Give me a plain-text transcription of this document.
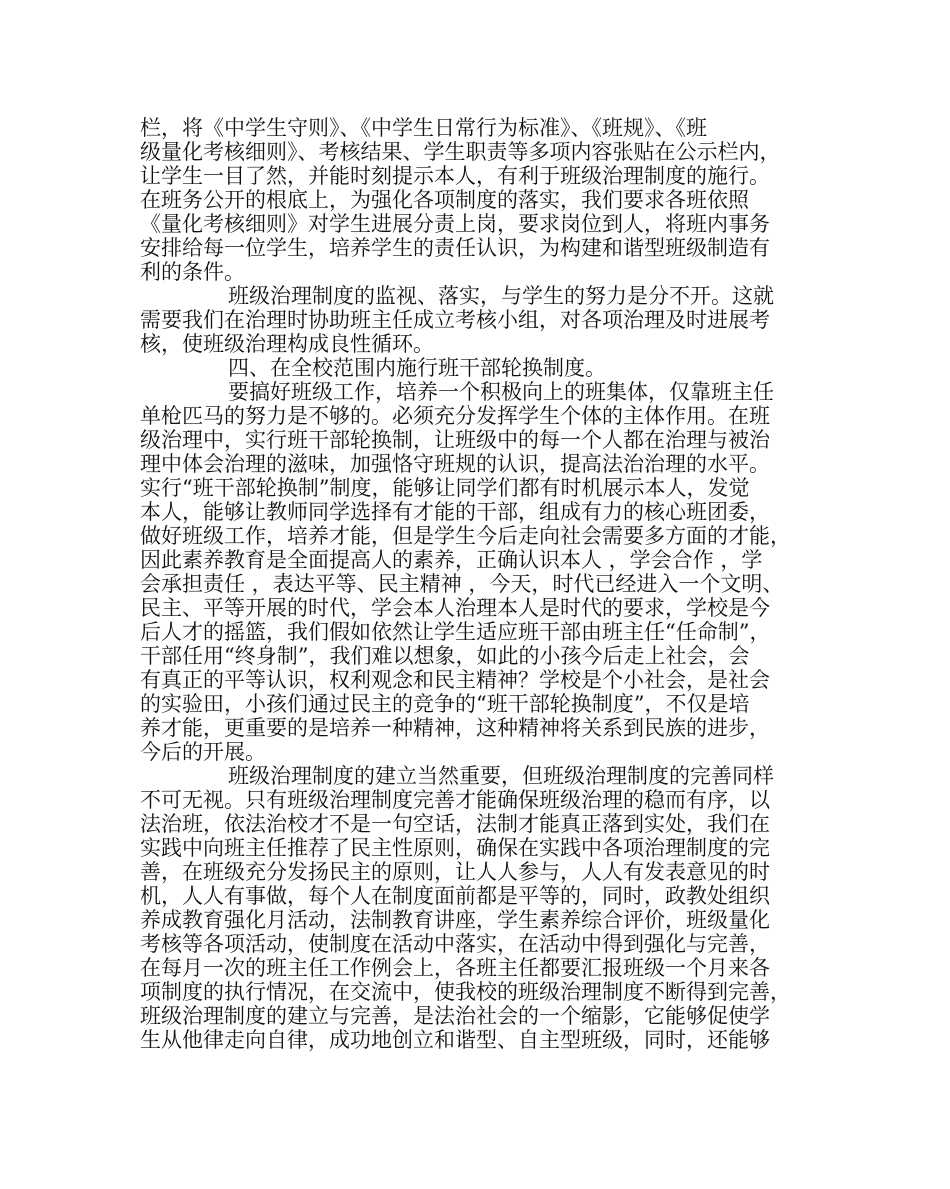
栏，将《中学生守则》、《中学生日常行为标准》、《班规》、《班
级量化考核细则》、考核结果、学生职责等多项内容张贴在公示栏内，
让学生一目了然，并能时刻提示本人，有利于班级治理制度的施行。
在班务公开的根底上，为强化各项制度的落实，我们要求各班依照
《量化考核细则》对学生进展分责上岗，要求岗位到人，将班内事务
安排给每一位学生，培养学生的责任认识，为构建和谐型班级制造有
利的条件。
班级治理制度的监视、落实，与学生的努力是分不开。这就
需要我们在治理时协助班主任成立考核小组，对各项治理及时进展考
核，使班级治理构成良性循环。
四、在全校范围内施行班干部轮换制度。
要搞好班级工作，培养一个积极向上的班集体，仅靠班主任
单枪匹马的努力是不够的。必须充分发挥学生个体的主体作用。在班
级治理中，实行班干部轮换制，让班级中的每一个人都在治理与被治
理中体会治理的滋味，加强恪守班规的认识，提高法治治理的水平。
实行“班干部轮换制”制度，能够让同学们都有时机展示本人，发觉
本人，能够让教师同学选择有才能的干部，组成有力的核心班团委，
做好班级工作，培养才能，但是学生今后走向社会需要多方面的才能，
因此素养教育是全面提高人的素养，正确认识本人 ，学会合作 ，学
会承担责任 ，表达平等、民主精神 ，今天，时代已经进入一个文明、
民主、平等开展的时代，学会本人治理本人是时代的要求，学校是今
后人才的摇篮，我们假如依然让学生适应班干部由班主任“任命制”，
干部任用“终身制”，我们难以想象，如此的小孩今后走上社会，会
有真正的平等认识，权利观念和民主精神？学校是个小社会，是社会
的实验田，小孩们通过民主的竞争的“班干部轮换制度”，不仅是培
养才能，更重要的是培养一种精神，这种精神将关系到民族的进步，
今后的开展。
班级治理制度的建立当然重要，但班级治理制度的完善同样
不可无视。只有班级治理制度完善才能确保班级治理的稳而有序，以
法治班，依法治校才不是一句空话，法制才能真正落到实处，我们在
实践中向班主任推荐了民主性原则，确保在实践中各项治理制度的完
善，在班级充分发扬民主的原则，让人人参与，人人有发表意见的时
机，人人有事做，每个人在制度面前都是平等的，同时，政教处组织
养成教育强化月活动，法制教育讲座，学生素养综合评价，班级量化
考核等各项活动，使制度在活动中落实，在活动中得到强化与完善，
在每月一次的班主任工作例会上，各班主任都要汇报班级一个月来各
项制度的执行情况，在交流中，使我校的班级治理制度不断得到完善，
班级治理制度的建立与完善，是法治社会的一个缩影，它能够促使学
生从他律走向自律，成功地创立和谐型、自主型班级，同时，还能够
